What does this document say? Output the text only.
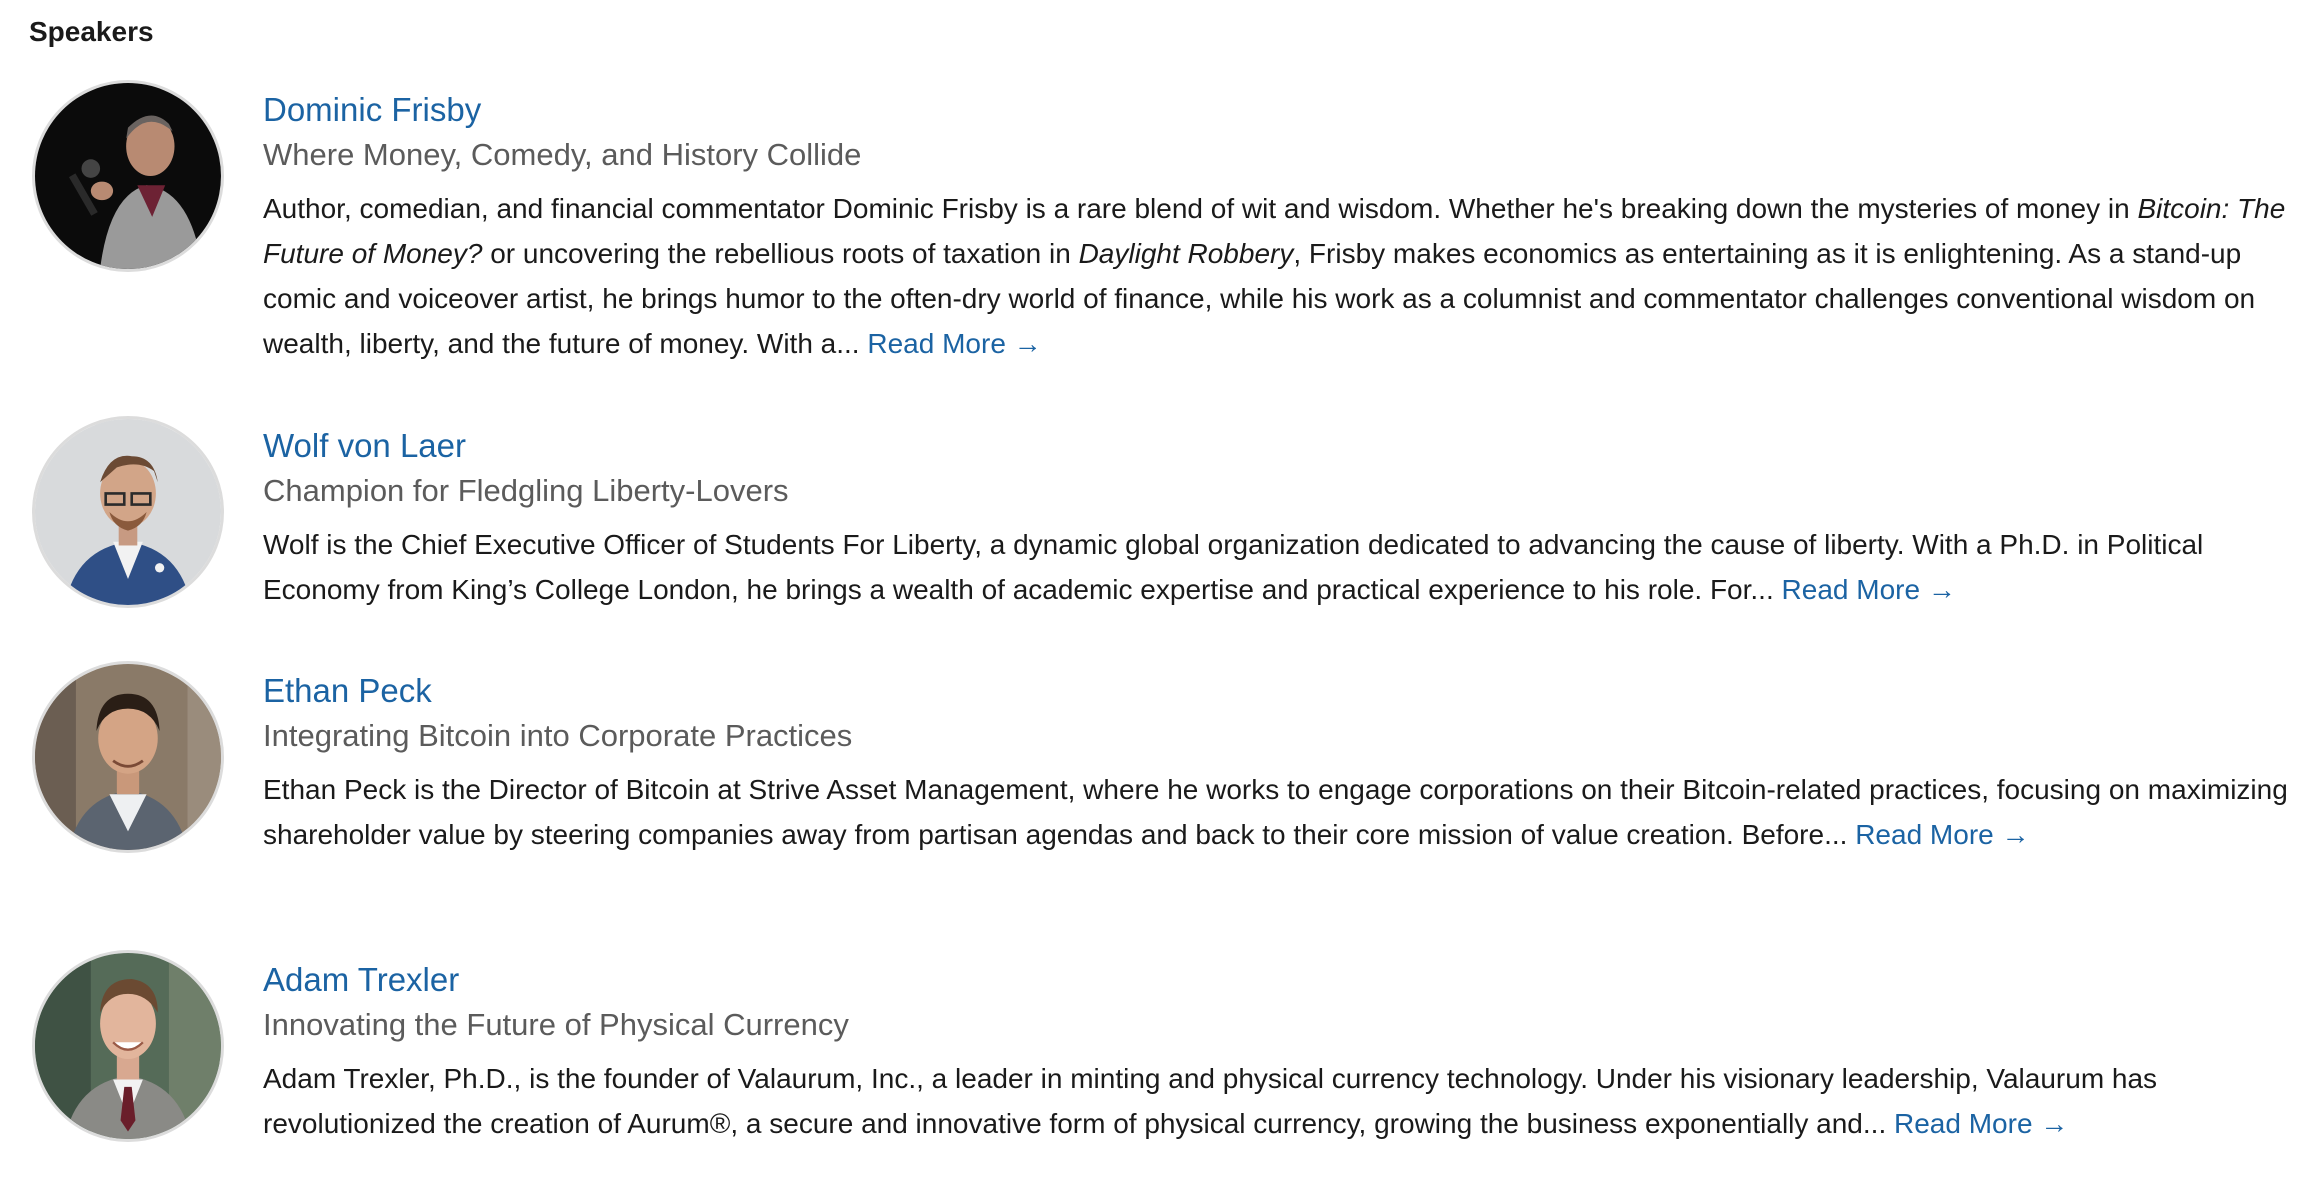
Speakers
Dominic Frisby

Where Money, Comedy, and History Collide

Author, comedian, and financial commentator Dominic Frisby is a rare blend of wit and wisdom. Whether he's breaking down the mysteries of money in Bitcoin: The Future of Money? or uncovering the rebellious roots of taxation in Daylight Robbery, Frisby makes economics as entertaining as it is enlightening. As a stand-up comic and voiceover artist, he brings humor to the often-dry world of finance, while his work as a columnist and commentator challenges conventional wisdom on wealth, liberty, and the future of money. With a... Read More →

Wolf von Laer

Champion for Fledgling Liberty-Lovers

Wolf is the Chief Executive Officer of Students For Liberty, a dynamic global organization dedicated to advancing the cause of liberty. With a Ph.D. in Political Economy from King’s College London, he brings a wealth of academic expertise and practical experience to his role. For... Read More →

Ethan Peck

Integrating Bitcoin into Corporate Practices

Ethan Peck is the Director of Bitcoin at Strive Asset Management, where he works to engage corporations on their Bitcoin-related practices, focusing on maximizing shareholder value by steering companies away from partisan agendas and back to their core mission of value creation. Before... Read More →

Adam Trexler

Innovating the Future of Physical Currency

Adam Trexler, Ph.D., is the founder of Valaurum, Inc., a leader in minting and physical currency technology. Under his visionary leadership, Valaurum has revolutionized the creation of Aurum®, a secure and innovative form of physical currency, growing the business exponentially and... Read More →
